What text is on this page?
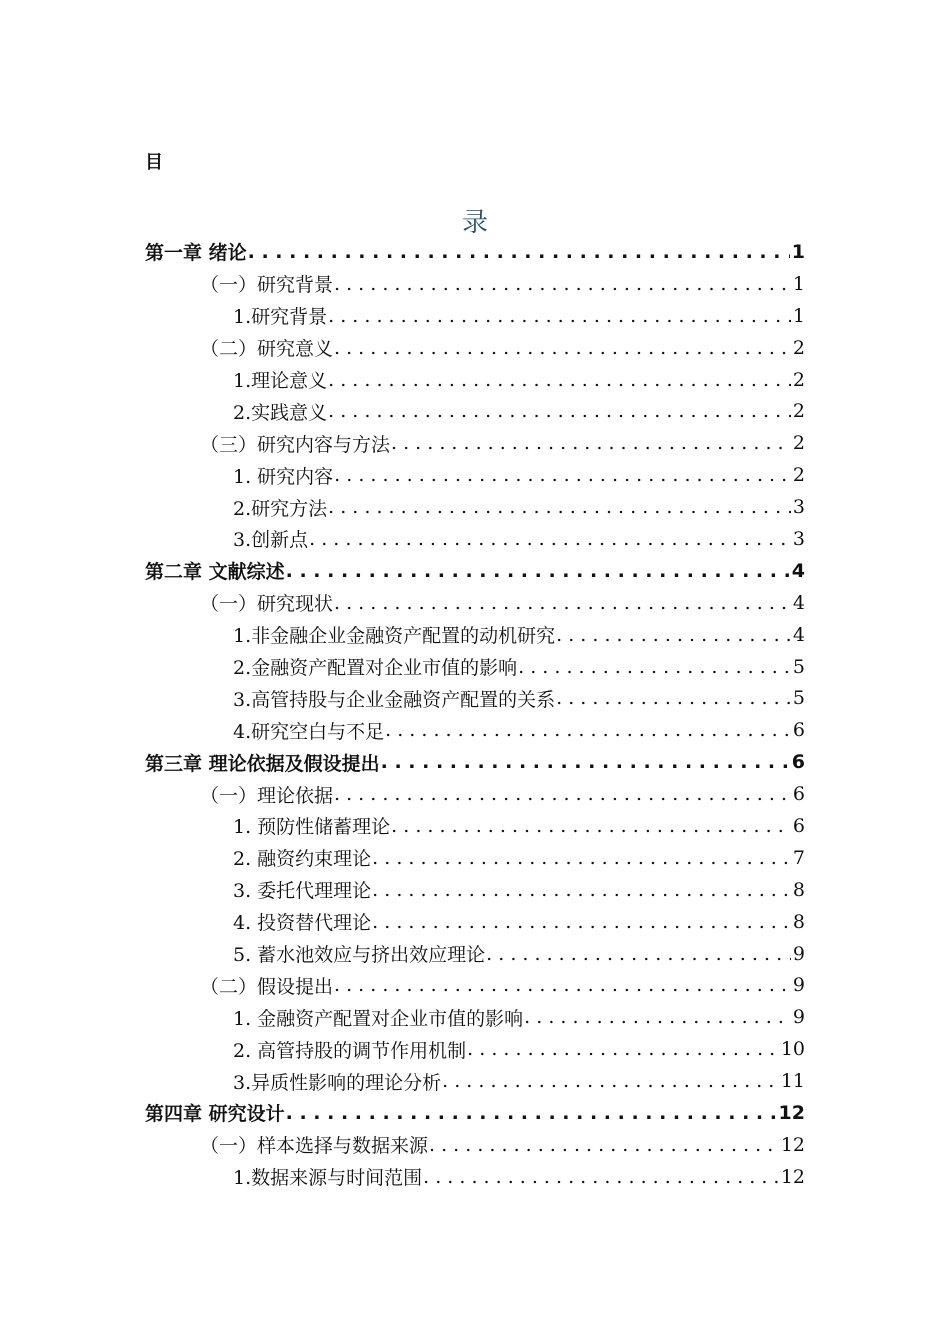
目
录
第一章 绪论 . . .	1
（一）研究背景 . . .	1
1.研究背景 . . .	1
（二）研究意义 . . .	2
1.理论意义 . . .	2
2.实践意义 . . .	2
（三）研究内容与方法 . . .	2
1. 研究内容 . . .	2
2.研究方法 . . .	3
3.创新点 . . .	3
第二章 文献综述 . . .	4
（一）研究现状 . . .	4
1.非金融企业金融资产配置的动机研究 . . .	4
2.金融资产配置对企业市值的影响 . . .	5
3.高管持股与企业金融资产配置的关系 . . .	5
4.研究空白与不足 . . .	6
第三章 理论依据及假设提出 . . .	6
（一）理论依据 . . .	6
1. 预防性储蓄理论 . . .	6
2. 融资约束理论 . . .	7
3. 委托代理理论 . . .	8
4. 投资替代理论 . . .	8
5. 蓄水池效应与挤出效应理论 . . .	9
（二）假设提出 . . .	9
1. 金融资产配置对企业市值的影响 . . .	9
2. 高管持股的调节作用机制 . . .	10
3.异质性影响的理论分析 . . .	11
第四章 研究设计 . . .	12
（一）样本选择与数据来源 . . .	12
1.数据来源与时间范围 . . .	12
